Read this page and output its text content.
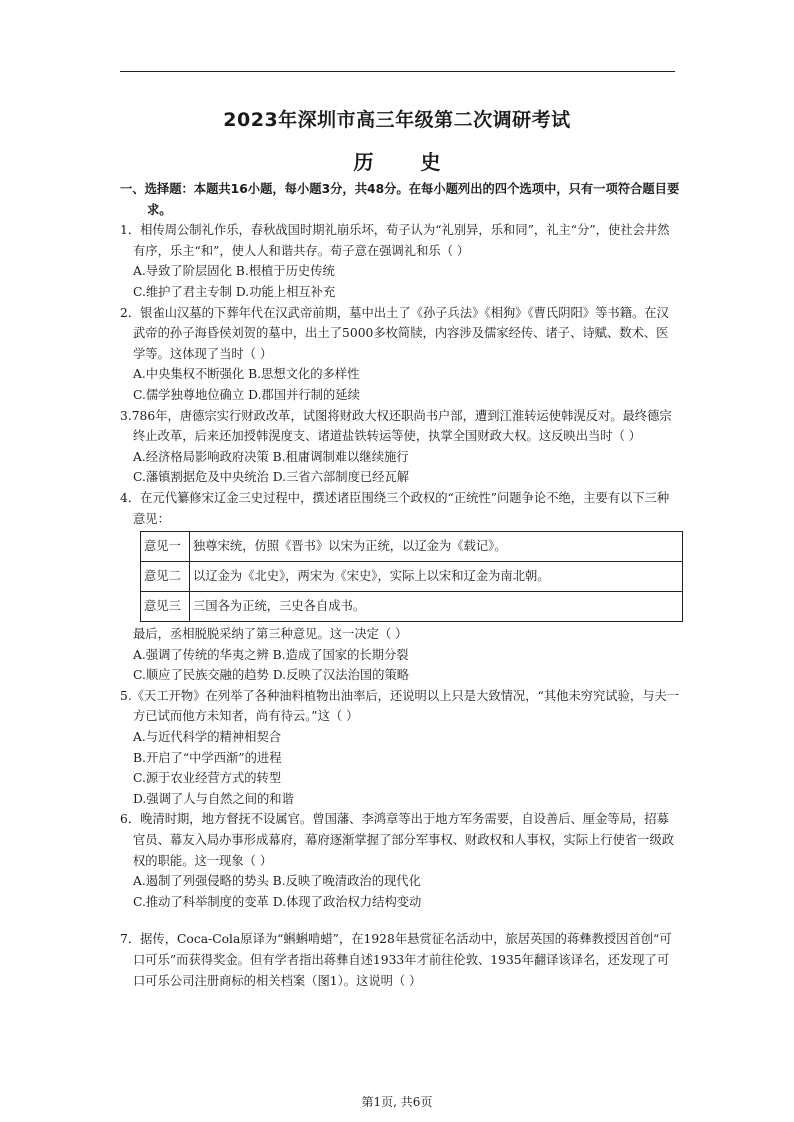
2023年深圳市高三年级第二次调研考试
历 史
一、选择题：本题共16小题，每小题3分，共48分。在每小题列出的四个选项中，只有一项符合题目要求。
1．相传周公制礼作乐，春秋战国时期礼崩乐坏，荀子认为“礼别异，乐和同”，礼主“分”，使社会井然有序，乐主“和”，使人人和谐共存。荀子意在强调礼和乐（ ）
A.导致了阶层固化 B.根植于历史传统
C.维护了君主专制 D.功能上相互补充
2．银雀山汉墓的下葬年代在汉武帝前期，墓中出土了《孙子兵法》《相狗》《曹氏阴阳》等书籍。在汉武帝的孙子海昏侯刘贺的墓中，出土了5000多枚简牍，内容涉及儒家经传、诸子、诗赋、数术、医学等。这体现了当时（ ）
A.中央集权不断强化 B.思想文化的多样性
C.儒学独尊地位确立 D.郡国并行制的延续
3.786年，唐德宗实行财政改革，试图将财政大权还职尚书户部，遭到江淮转运使韩滉反对。最终德宗终止改革，后来还加授韩滉度支、诸道盐铁转运等使，执掌全国财政大权。这反映出当时（ ）
A.经济格局影响政府决策 B.租庸调制难以继续施行
C.藩镇割据危及中央统治 D.三省六部制度已经瓦解
4．在元代纂修宋辽金三史过程中，撰述诸臣围绕三个政权的“正统性”问题争论不绝，主要有以下三种意见：
意见一	独尊宋统，仿照《晋书》以宋为正统，以辽金为《载记》。
意见二	以辽金为《北史》，两宋为《宋史》，实际上以宋和辽金为南北朝。
意见三	三国各为正统，三史各自成书。
最后，丞相脱脱采纳了第三种意见。这一决定（ ）
A.强调了传统的华夷之辨 B.造成了国家的长期分裂
C.顺应了民族交融的趋势 D.反映了汉法治国的策略
5.《天工开物》在列举了各种油料植物出油率后，还说明以上只是大致情况，“其他未穷究试验，与夫一方已试而他方未知者，尚有待云。”这（ ）
A.与近代科学的精神相契合
B.开启了“中学西渐”的进程
C.源于农业经营方式的转型
D.强调了人与自然之间的和谐
6．晚清时期，地方督抚不设属官。曾国藩、李鸿章等出于地方军务需要，自设善后、厘金等局，招募官员、幕友入局办事形成幕府，幕府逐渐掌握了部分军事权、财政权和人事权，实际上行使省一级政权的职能。这一现象（ ）
A.遏制了列强侵略的势头 B.反映了晚清政治的现代化
C.推动了科举制度的变革 D.体现了政治权力结构变动
7．据传，Coca-Cola原译为“蝌蝌啃蜡”，在1928年悬赏征名活动中，旅居英国的蒋彝教授因首创“可口可乐”而获得奖金。但有学者指出蒋彝自述1933年才前往伦敦、1935年翻译该译名，还发现了可口可乐公司注册商标的相关档案（图1）。这说明（ ）
第1页, 共6页
